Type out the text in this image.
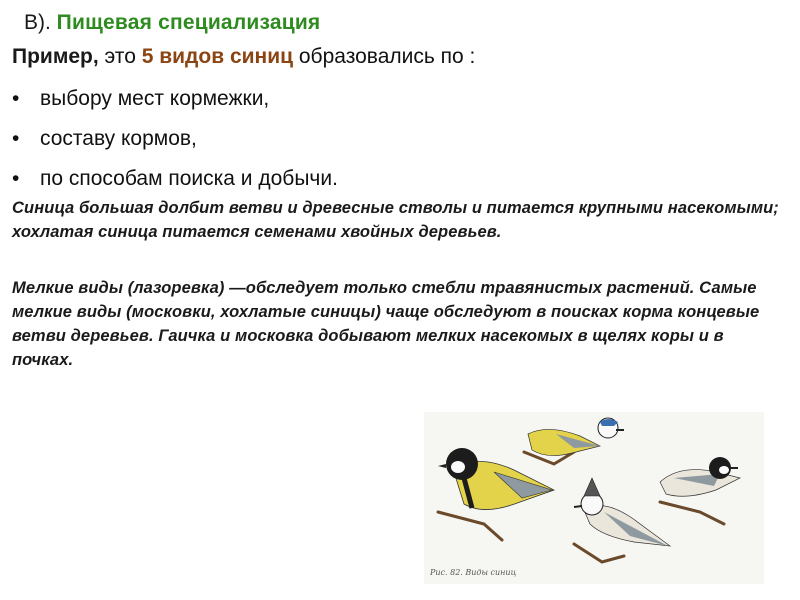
В). Пищевая специализация
Пример, это 5 видов синиц образовались по :
• выбору мест кормежки,
• составу кормов,
• по способам поиска и добычи.

Синица большая долбит ветви и древесные стволы и питается крупными насекомыми; хохлатая синица питается семенами хвойных деревьев.

Мелкие виды (лазоревка) —обследует только стебли травянистых растений. Самые мелкие виды (московки, хохлатые синицы) чаще обследуют в поисках корма концевые ветви деревьев. Гаичка и московка добывают мелких насекомых в щелях коры и в почках.

Рис. 82. Виды синиц
